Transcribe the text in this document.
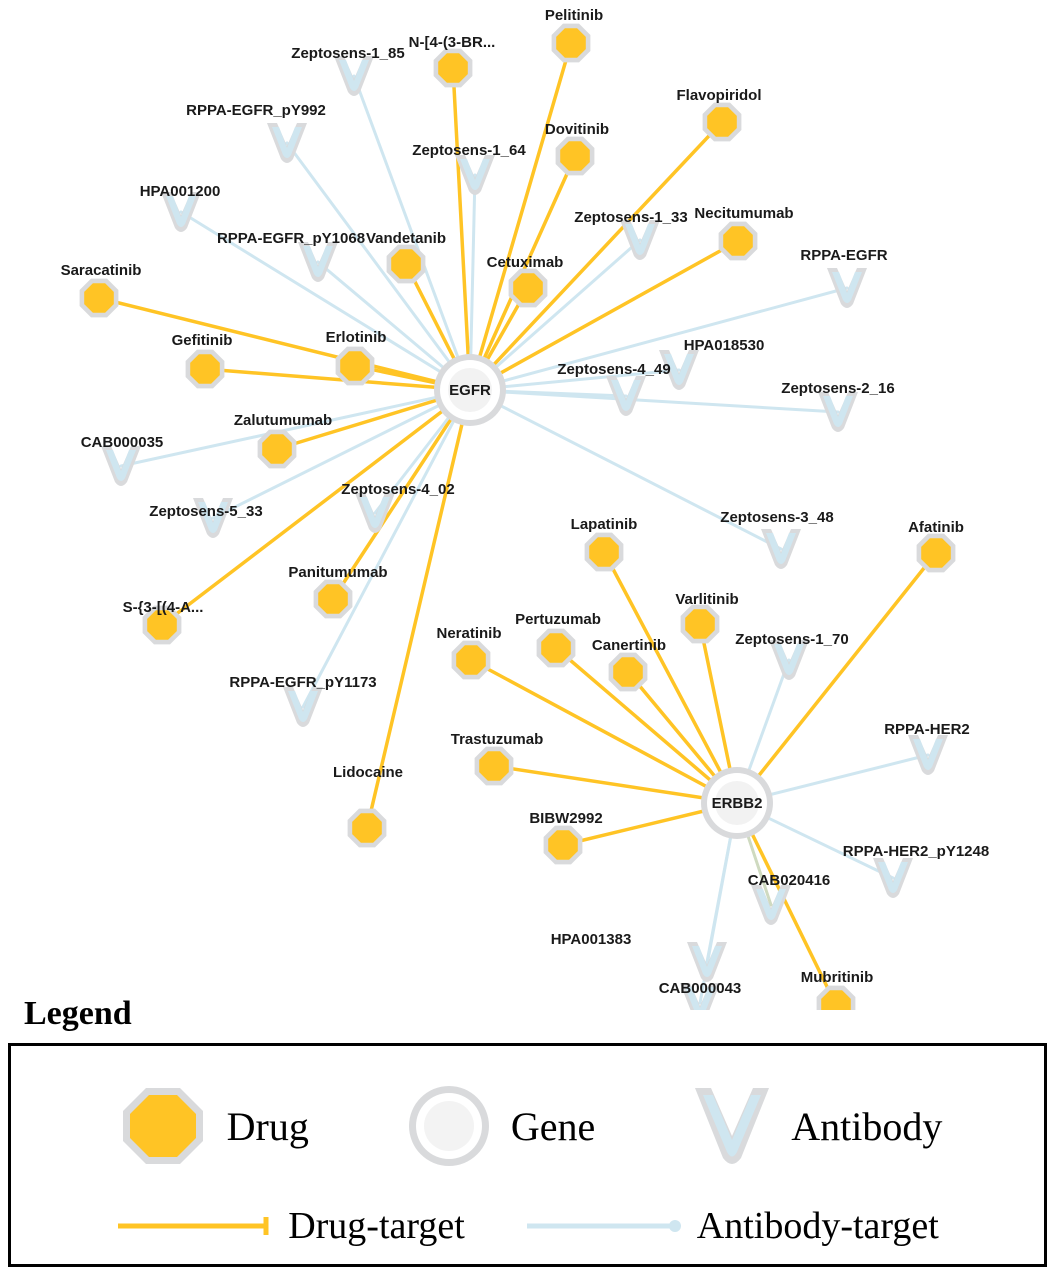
Zeptosens-1_85
RPPA-EGFR_pY992
Zeptosens-1_64
HPA001200
Zeptosens-1_33
RPPA-EGFR_pY1068
RPPA-EGFR
HPA018530
Zeptosens-4_49
Zeptosens-2_16
CAB000035
Zeptosens-4_02
Zeptosens-5_33	Zeptosens-3_48
Zeptosens-1_70
RPPA-EGFR_pY1173
RPPA-HER2
RPPA-HER2_pY1248
CAB020416
HPA001383
CAB000043
Pelitinib
N-[4-(3-BR...
Flavopiridol
Dovitinib
Necitumumab
Vandetanib
Cetuximab
Saracatinib
Gefitinib	Erlotinib
Zalutumumab
Afatinib
Lapatinib
Panitumumab
Varlitinib
S-{3-[(4-A...
Pertuzumab
Neratinib
Canertinib
Trastuzumab
Lidocaine
BIBW2992
Mubritinib
EGFR
ERBB2
Legend
Drug	Gene	Antibody
Drug-target	Antibody-target
